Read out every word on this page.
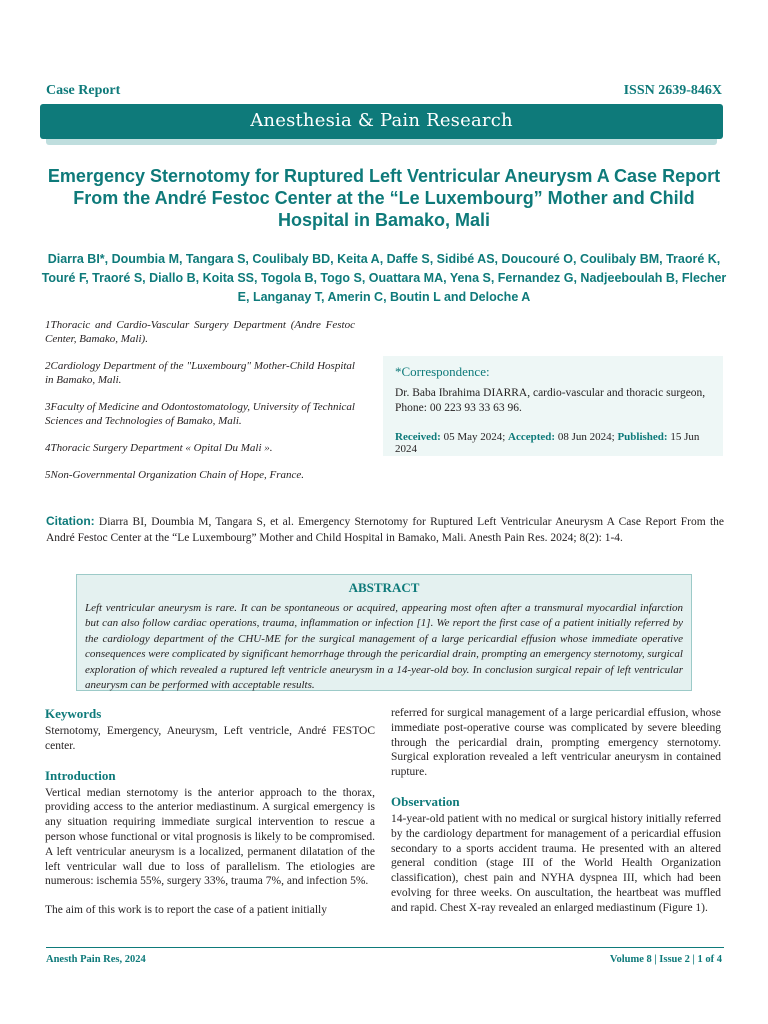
Case Report	ISSN 2639-846X
Anesthesia & Pain Research
Emergency Sternotomy for Ruptured Left Ventricular Aneurysm A Case Report From the André Festoc Center at the “Le Luxembourg” Mother and Child Hospital in Bamako, Mali
Diarra BI*, Doumbia M, Tangara S, Coulibaly BD, Keita A, Daffe S, Sidibé AS, Doucouré O, Coulibaly BM, Traoré K, Touré F, Traoré S, Diallo B, Koita SS, Togola B, Togo S, Ouattara MA, Yena S, Fernandez G, Nadjeeboulah B, Flecher E, Langanay T, Amerin C, Boutin L and Deloche A
1Thoracic and Cardio-Vascular Surgery Department (Andre Festoc Center, Bamako, Mali).
2Cardiology Department of the "Luxembourg" Mother-Child Hospital in Bamako, Mali.
3Faculty of Medicine and Odontostomatology, University of Technical Sciences and Technologies of Bamako, Mali.
4Thoracic Surgery Department « Opital Du Mali ».
5Non-Governmental Organization Chain of Hope, France.
*Correspondence:
Dr. Baba Ibrahima DIARRA, cardio-vascular and thoracic surgeon, Phone: 00 223 93 33 63 96.
Received: 05 May 2024; Accepted: 08 Jun 2024; Published: 15 Jun 2024
Citation: Diarra BI, Doumbia M, Tangara S, et al. Emergency Sternotomy for Ruptured Left Ventricular Aneurysm A Case Report From the André Festoc Center at the “Le Luxembourg” Mother and Child Hospital in Bamako, Mali. Anesth Pain Res. 2024; 8(2): 1-4.
ABSTRACT
Left ventricular aneurysm is rare. It can be spontaneous or acquired, appearing most often after a transmural myocardial infarction but can also follow cardiac operations, trauma, inflammation or infection [1]. We report the first case of a patient initially referred by the cardiology department of the CHU-ME for the surgical management of a large pericardial effusion whose immediate operative consequences were complicated by significant hemorrhage through the pericardial drain, prompting an emergency sternotomy, surgical exploration of which revealed a ruptured left ventricle aneurysm in a 14-year-old boy. In conclusion surgical repair of left ventricular aneurysm can be performed with acceptable results.
Keywords

Sternotomy, Emergency, Aneurysm, Left ventricle, André FESTOC center.

Introduction

Vertical median sternotomy is the anterior approach to the thorax, providing access to the anterior mediastinum. A surgical emergency is any situation requiring immediate surgical intervention to rescue a person whose functional or vital prognosis is likely to be compromised. A left ventricular aneurysm is a localized, permanent dilatation of the left ventricular wall due to loss of parallelism. The etiologies are numerous: ischemia 55%, surgery 33%, trauma 7%, and infection 5%.

The aim of this work is to report the case of a patient initially

referred for surgical management of a large pericardial effusion, whose immediate post-operative course was complicated by severe bleeding through the pericardial drain, prompting emergency sternotomy. Surgical exploration revealed a left ventricular aneurysm in contained rupture.

Observation

14-year-old patient with no medical or surgical history initially referred by the cardiology department for management of a pericardial effusion secondary to a sports accident trauma. He presented with an altered general condition (stage III of the World Health Organization classification), chest pain and NYHA dyspnea III, which had been evolving for three weeks. On auscultation, the heartbeat was muffled and rapid. Chest X-ray revealed an enlarged mediastinum (Figure 1).

Anesth Pain Res, 2024	Volume 8 | Issue 2 | 1 of 4
